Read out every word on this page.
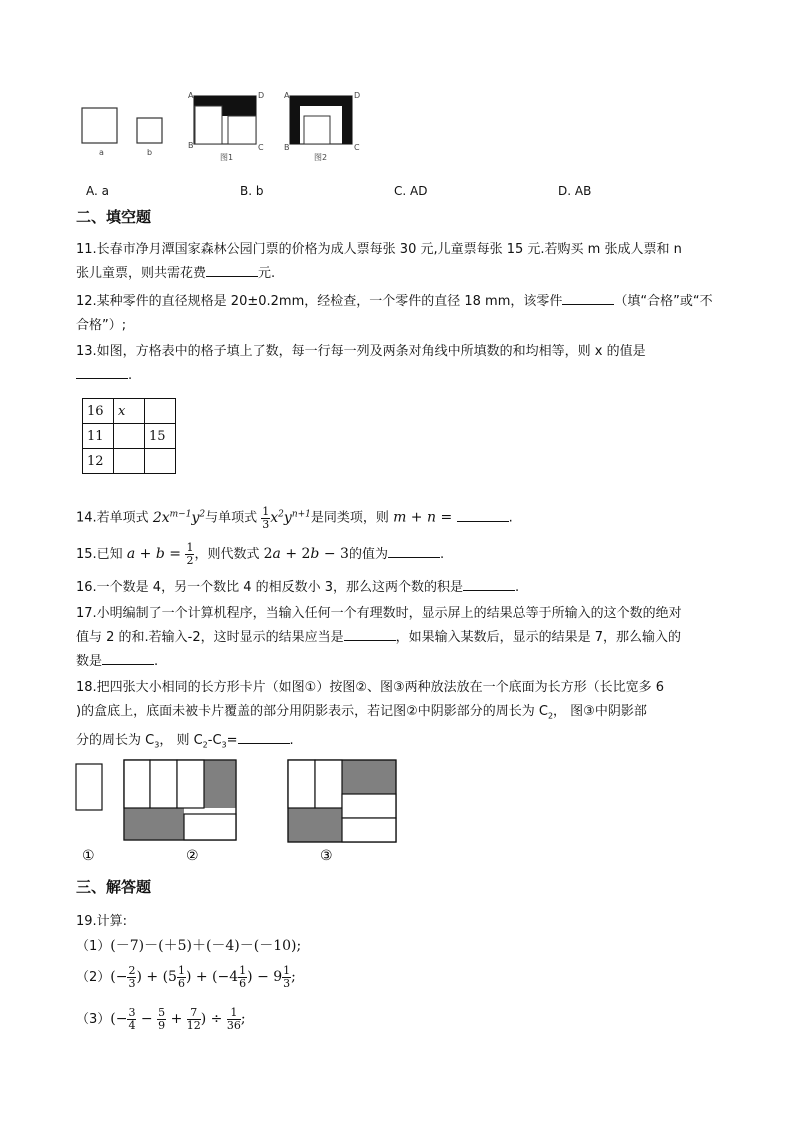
a	b
A	D
B	C
图1
A	D
B	C
图2
A. a	B. b	C. AD	D. AB
二、填空题
11.长春市净月潭国家森林公园门票的价格为成人票每张 30 元,儿童票每张 15 元.若购买 m 张成人票和 n
张儿童票，则共需花费	元.
12.某种零件的直径规格是 20±0.2mm，经检查，一个零件的直径 18 mm，该零件	（填“合格”或“不
合格”）;
13.如图，方格表中的格子填上了数，每一行每一列及两条对角线中所填数的和均相等，则 x 的值是
.
16	x	
11		15
12		
14.若单项式 $2x^{m-1}y^2$与单项式 $\frac{1}{3} x^2y^{n+1}$是同类项，则 m + n =	.
15.已知 $a + b = \frac{1}{2}$ ，则代数式 2a + 2b − 3的值为	.
16.一个数是 4，另一个数比 4 的相反数小 3，那么这两个数的积是	.
17.小明编制了一个计算机程序，当输入任何一个有理数时，显示屏上的结果总等于所输入的这个数的绝对
值与 2 的和.若输入-2，这时显示的结果应当是	，如果输入某数后，显示的结果是 7，那么输入的
数是	.
18.把四张大小相同的长方形卡片（如图①）按图②、图③两种放法放在一个底面为长方形（长比宽多 6
)的盒底上，底面未被卡片覆盖的部分用阴影表示，若记图②中阴影部分的周长为 $C_2$， 图③中阴影部
分的周长为 $C_3$， 则 $C_2-C_3=$	.
①	②	③
三、解答题
19.计算:
（1）(－7)－(＋5)＋(－4)－(－10);
$(2)(- \frac{2}{3}$ ) + ($5 \frac{1}{6}$ ) + ($-4 \frac{1}{6}$ ) − $9 \frac{1}{3}$ ;
$(3)(- \frac{3}{4} - \frac{5}{9} + \frac{7}{12}$ ) ÷ $\frac{1}{36}$ ;
